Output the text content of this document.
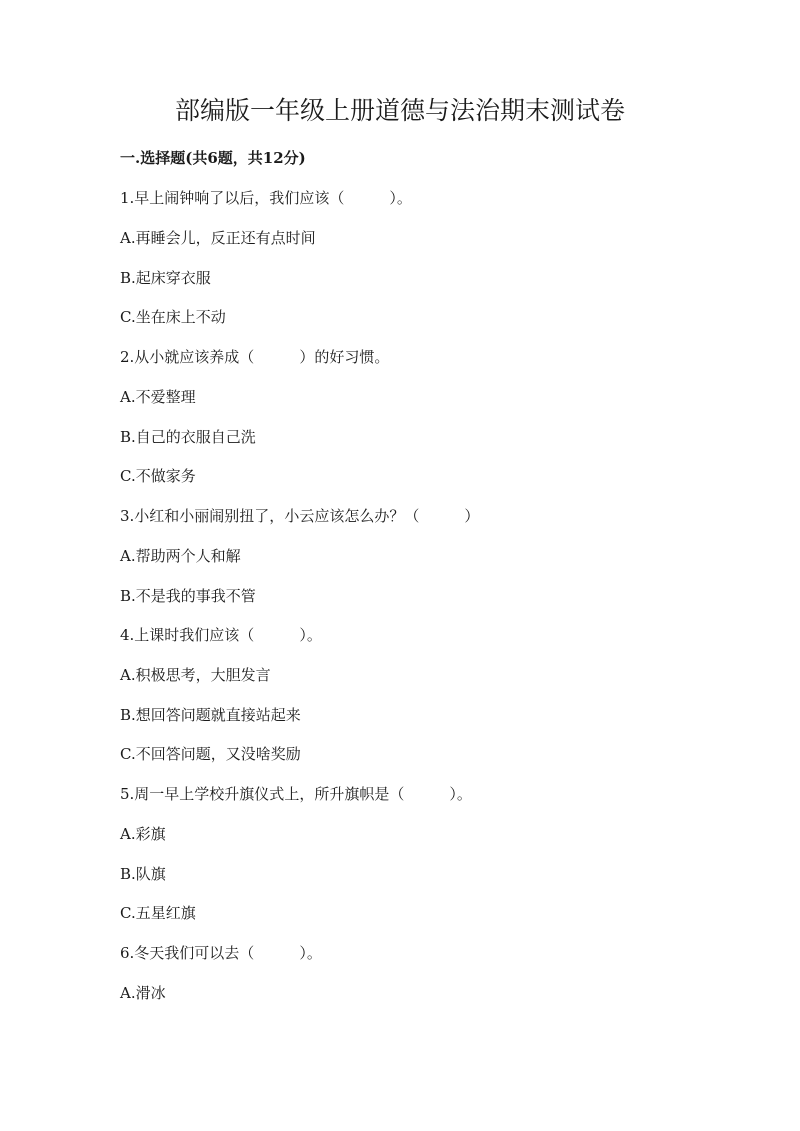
部编版一年级上册道德与法治期末测试卷

一.选择题(共6题，共12分)

1.早上闹钟响了以后，我们应该（　　　）。

A.再睡会儿，反正还有点时间

B.起床穿衣服

C.坐在床上不动

2.从小就应该养成（　　　）的好习惯。

A.不爱整理

B.自己的衣服自己洗

C.不做家务

3.小红和小丽闹别扭了，小云应该怎么办？（　　　）

A.帮助两个人和解

B.不是我的事我不管

4.上课时我们应该（　　　）。

A.积极思考，大胆发言

B.想回答问题就直接站起来

C.不回答问题，又没啥奖励

5.周一早上学校升旗仪式上，所升旗帜是（　　　）。

A.彩旗

B.队旗

C.五星红旗

6.冬天我们可以去（　　　）。

A.滑冰
